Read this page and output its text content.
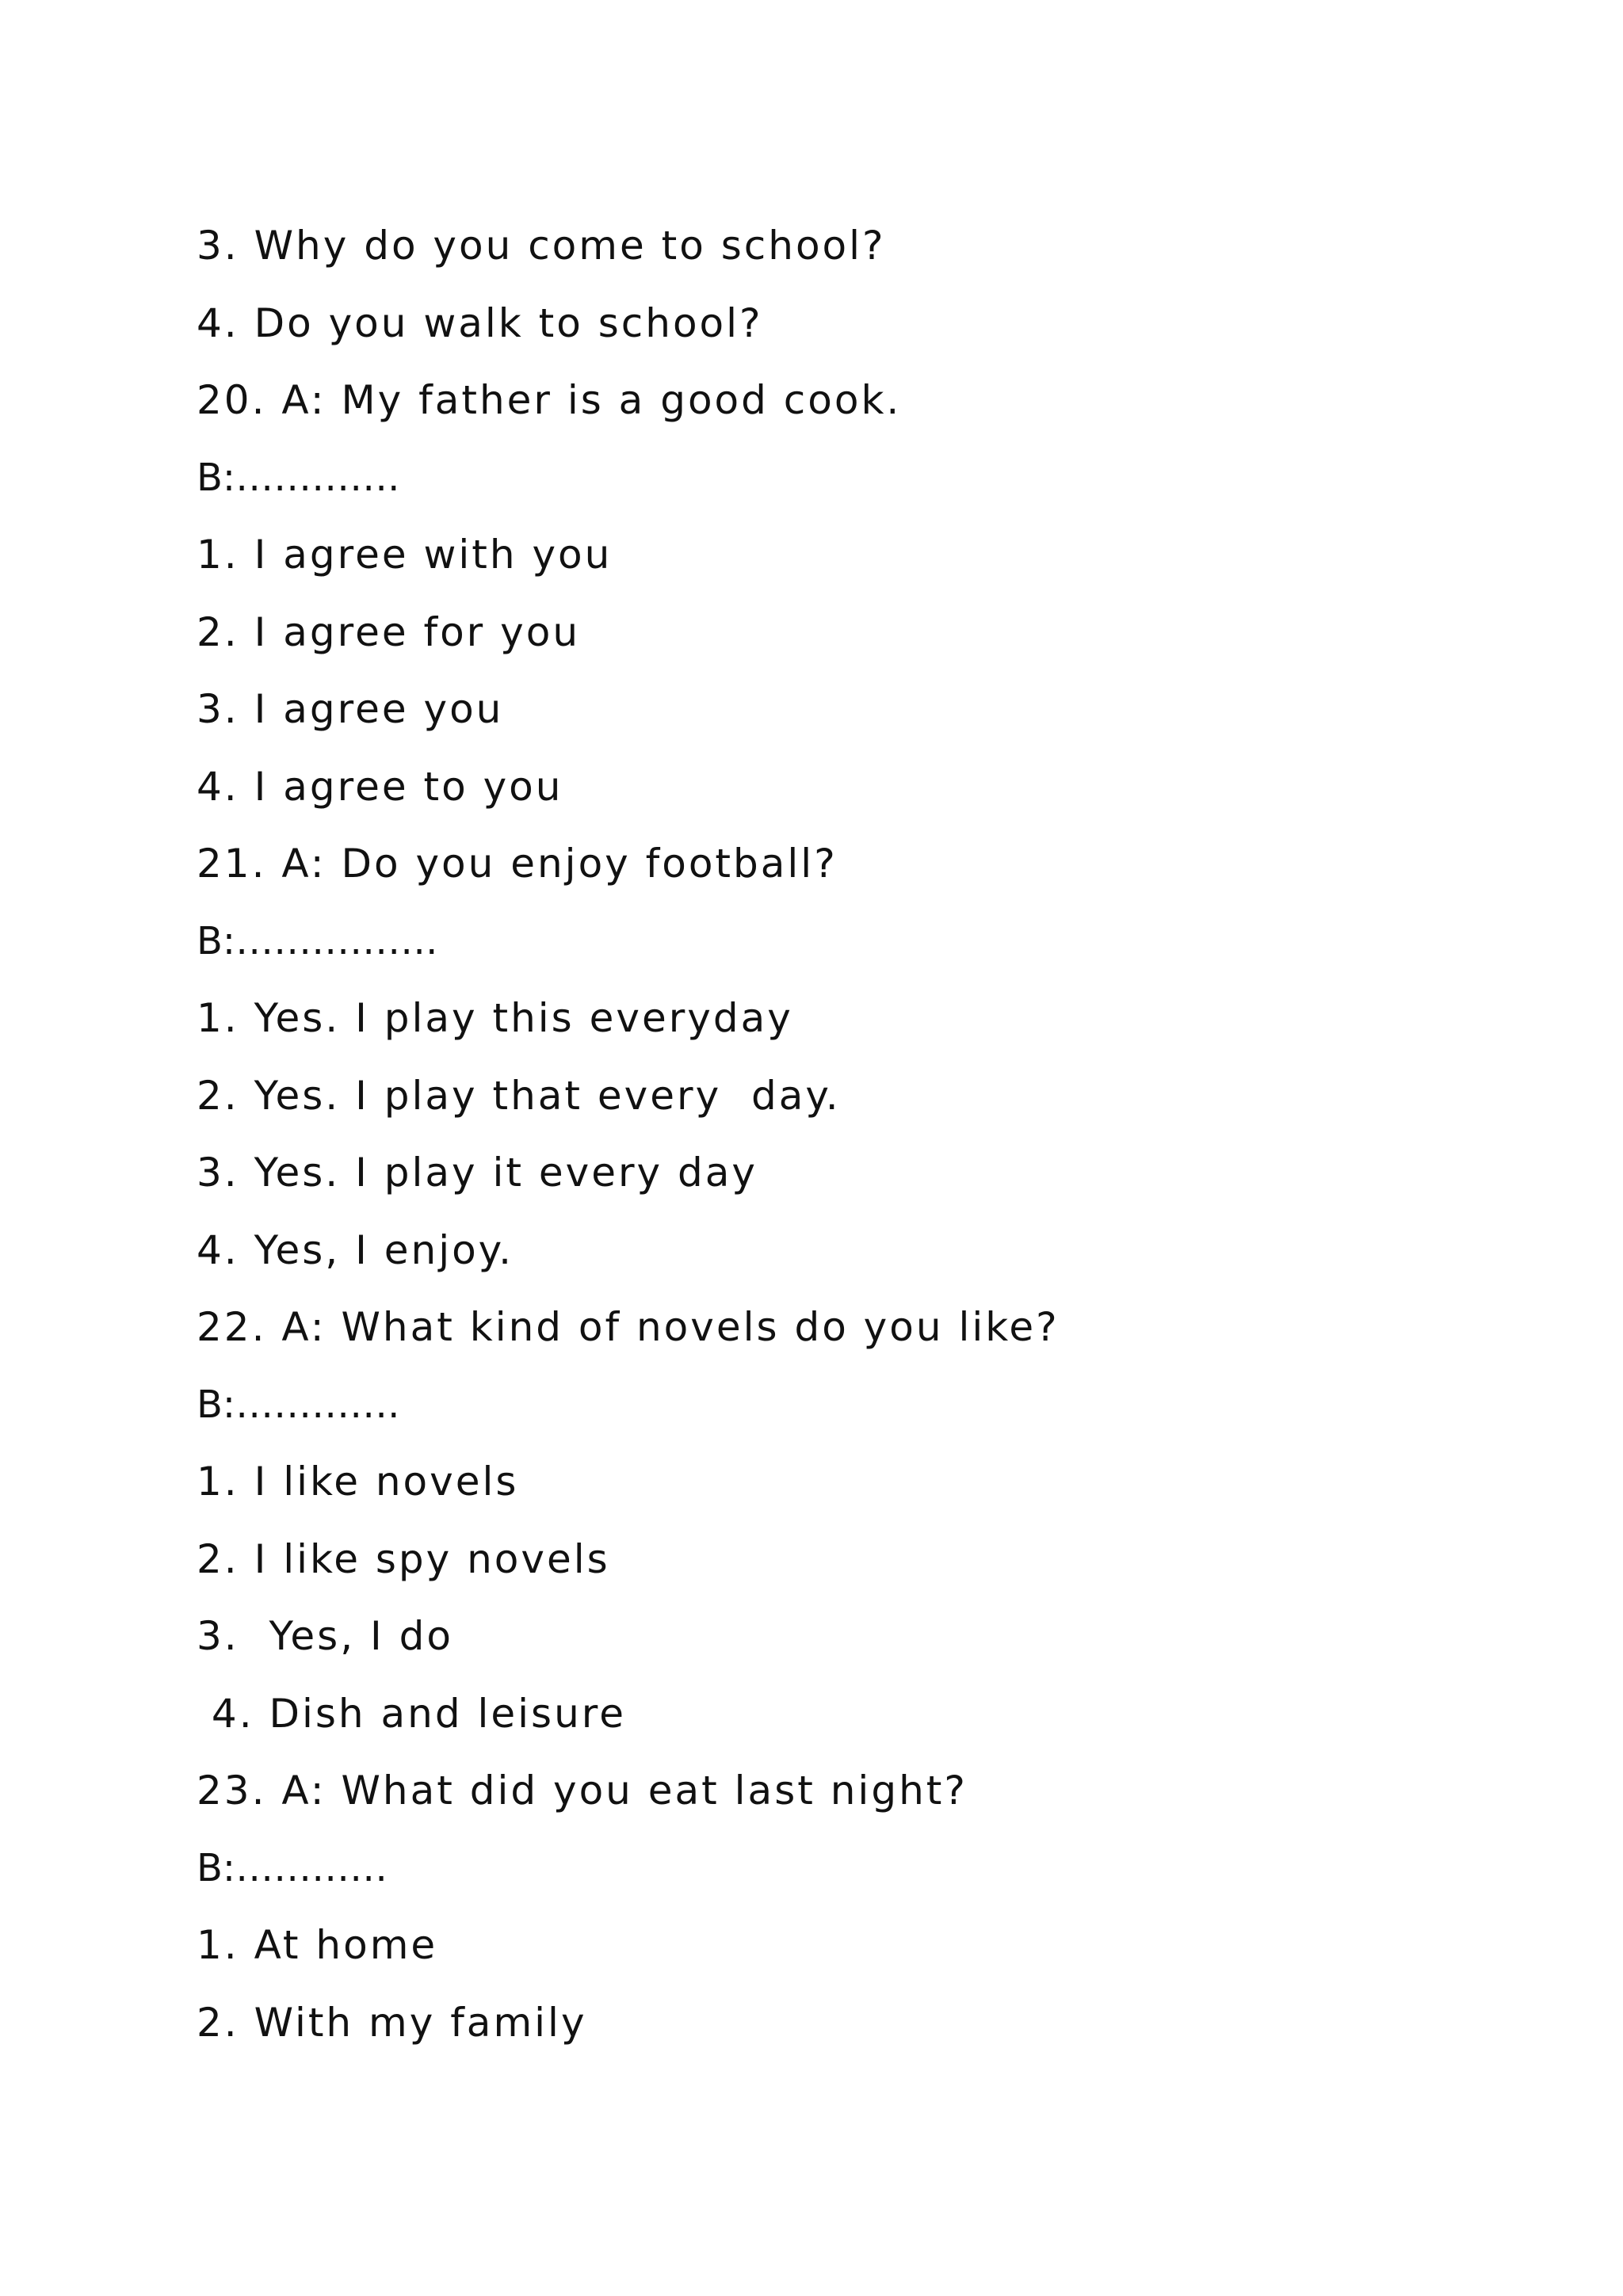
3. Why do you come to school?
4. Do you walk to school?
20. A: My father is a good cook.
B:………….
1. I agree with you
2. I agree for you
3. I agree you
4. I agree to you
21. A: Do you enjoy football?
B:…………….
1. Yes. I play this everyday
2. Yes. I play that every  day.
3. Yes. I play it every day
4. Yes, I enjoy.
22. A: What kind of novels do you like?
B:………….
1. I like novels
2. I like spy novels
3.  Yes, I do
4. Dish and leisure
23. A: What did you eat last night?
B:…………
1. At home
2. With my family
